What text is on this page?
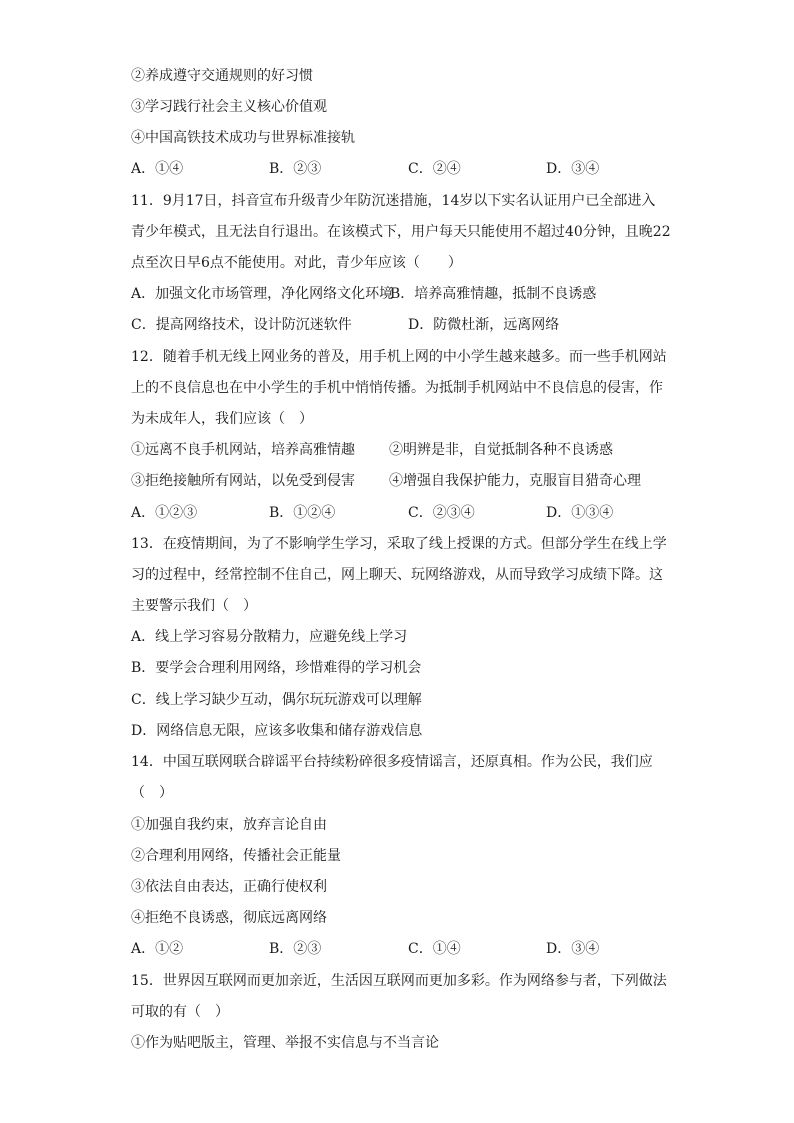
②养成遵守交通规则的好习惯
③学习践行社会主义核心价值观
④中国高铁技术成功与世界标准接轨
A．①④	B．②③	C．②④	D．③④
11．9月17日，抖音宣布升级青少年防沉迷措施，14岁以下实名认证用户已全部进入
青少年模式，且无法自行退出。在该模式下，用户每天只能使用不超过40分钟，且晚22
点至次日早6点不能使用。对此，青少年应该（　　）
A．加强文化市场管理，净化网络文化环境
B．培养高雅情趣，抵制不良诱惑
C．提高网络技术，设计防沉迷软件	D．防微杜渐，远离网络
12．随着手机无线上网业务的普及，用手机上网的中小学生越来越多。而一些手机网站
上的不良信息也在中小学生的手机中悄悄传播。为抵制手机网站中不良信息的侵害，作
为未成年人，我们应该（　）
①远离不良手机网站，培养高雅情趣 ②明辨是非，自觉抵制各种不良诱惑
③拒绝接触所有网站，以免受到侵害 ④增强自我保护能力，克服盲目猎奇心理
A．①②③	B．①②④	C．②③④	D．①③④
13．在疫情期间，为了不影响学生学习，采取了线上授课的方式。但部分学生在线上学
习的过程中，经常控制不住自己，网上聊天、玩网络游戏，从而导致学习成绩下降。这
主要警示我们（　）
A．线上学习容易分散精力，应避免线上学习
B．要学会合理利用网络，珍惜难得的学习机会
C．线上学习缺少互动，偶尔玩玩游戏可以理解
D．网络信息无限，应该多收集和储存游戏信息
14．中国互联网联合辟谣平台持续粉碎很多疫情谣言，还原真相。作为公民，我们应
（　）
①加强自我约束，放弃言论自由
②合理利用网络，传播社会正能量
③依法自由表达，正确行使权利
④拒绝不良诱惑，彻底远离网络
A．①②	B．②③	C．①④	D．③④
15．世界因互联网而更加亲近，生活因互联网而更加多彩。作为网络参与者，下列做法
可取的有（　）
①作为贴吧版主，管理、举报不实信息与不当言论
